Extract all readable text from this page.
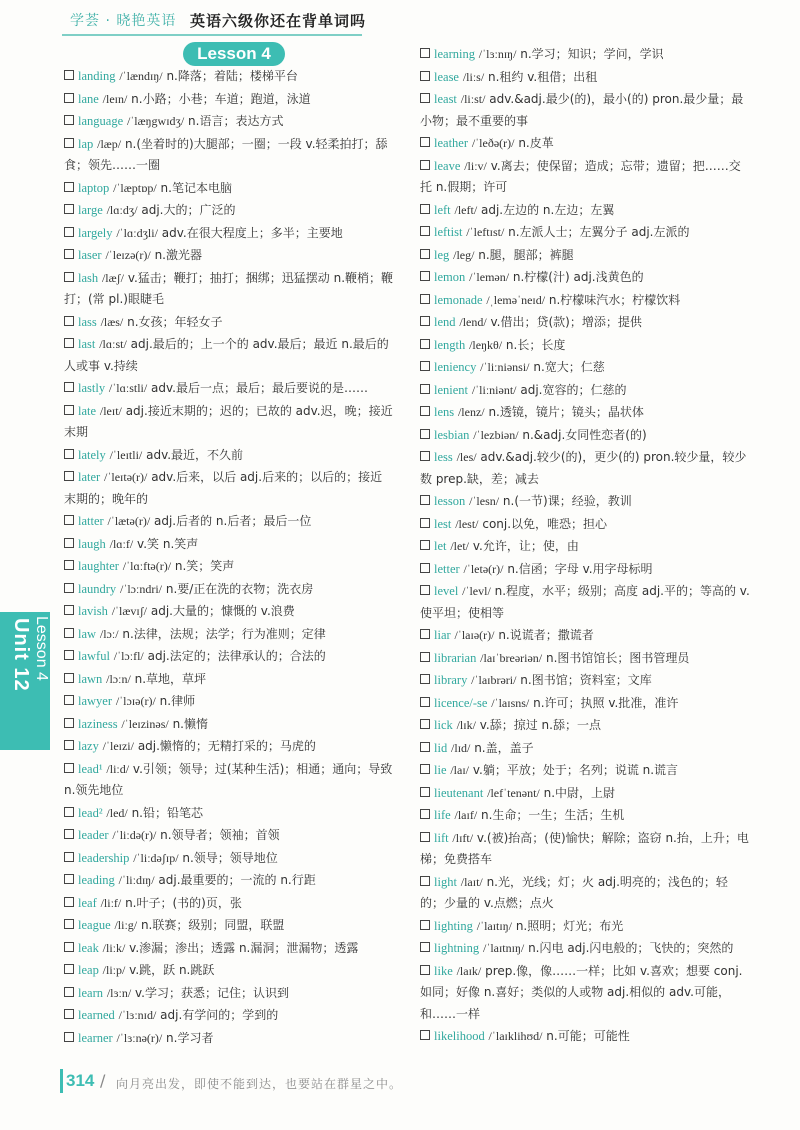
学荟 · 晓艳英语 英语六级你还在背单词吗
Lesson 4
landing /ˈlændɪŋ/ n.降落；着陆；楼梯平台
lane /leɪn/ n.小路；小巷；车道；跑道，泳道
language /ˈlæŋgwɪdʒ/ n.语言；表达方式
lap /læp/ n.(坐着时的)大腿部；一圈；一段 v.轻柔拍打；舔食；领先……一圈
laptop /ˈlæptɒp/ n.笔记本电脑
large /lɑːdʒ/ adj.大的；广泛的
largely /ˈlɑːdʒli/ adv.在很大程度上；多半；主要地
laser /ˈleɪzə(r)/ n.激光器
lash /læʃ/ v.猛击；鞭打；抽打；捆绑；迅猛摆动 n.鞭梢；鞭打；(常 pl.)眼睫毛
lass /læs/ n.女孩；年轻女子
last /lɑːst/ adj.最后的；上一个的 adv.最后；最近 n.最后的人或事 v.持续
lastly /ˈlɑːstli/ adv.最后一点；最后；最后要说的是……
late /leɪt/ adj.接近末期的；迟的；已故的 adv.迟，晚；接近末期
lately /ˈleɪtli/ adv.最近，不久前
later /ˈleɪtə(r)/ adv.后来，以后 adj.后来的；以后的；接近末期的；晚年的
latter /ˈlætə(r)/ adj.后者的 n.后者；最后一位
laugh /lɑːf/ v.笑 n.笑声
laughter /ˈlɑːftə(r)/ n.笑；笑声
laundry /ˈlɔːndri/ n.要/正在洗的衣物；洗衣房
lavish /ˈlævɪʃ/ adj.大量的；慷慨的 v.浪费
law /lɔː/ n.法律，法规；法学；行为准则；定律
lawful /ˈlɔːfl/ adj.法定的；法律承认的；合法的
lawn /lɔːn/ n.草地，草坪
lawyer /ˈlɔɪə(r)/ n.律师
laziness /ˈleɪzinəs/ n.懒惰
lazy /ˈleɪzi/ adj.懒惰的；无精打采的；马虎的
lead¹ /liːd/ v.引领；领导；过(某种生活)；相通；通向；导致 n.领先地位
lead² /led/ n.铅；铅笔芯
leader /ˈliːdə(r)/ n.领导者；领袖；首领
leadership /ˈliːdəʃɪp/ n.领导；领导地位
leading /ˈliːdɪŋ/ adj.最重要的；一流的 n.行距
leaf /liːf/ n.叶子；(书的)页，张
league /liːg/ n.联赛；级别；同盟，联盟
leak /liːk/ v.渗漏；渗出；透露 n.漏洞；泄漏物；透露
leap /liːp/ v.跳，跃 n.跳跃
learn /lɜːn/ v.学习；获悉；记住；认识到
learned /ˈlɜːnɪd/ adj.有学问的；学到的
learner /ˈlɜːnə(r)/ n.学习者
learning /ˈlɜːnɪŋ/ n.学习；知识；学问，学识
lease /liːs/ n.租约 v.租借；出租
least /liːst/ adv.&adj.最少(的)，最小(的) pron.最少量；最小物；最不重要的事
leather /ˈleðə(r)/ n.皮革
leave /liːv/ v.离去；使保留；造成；忘带；遗留；把……交托 n.假期；许可
left /left/ adj.左边的 n.左边；左翼
leftist /ˈleftɪst/ n.左派人士；左翼分子 adj.左派的
leg /leg/ n.腿，腿部；裤腿
lemon /ˈlemən/ n.柠檬(汁) adj.浅黄色的
lemonade /ˌleməˈneɪd/ n.柠檬味汽水；柠檬饮料
lend /lend/ v.借出；贷(款)；增添；提供
length /leŋkθ/ n.长；长度
leniency /ˈliːniənsi/ n.宽大；仁慈
lenient /ˈliːniənt/ adj.宽容的；仁慈的
lens /lenz/ n.透镜，镜片；镜头；晶状体
lesbian /ˈlezbiən/ n.&adj.女同性恋者(的)
less /les/ adv.&adj.较少(的)，更少(的) pron.较少量，较少数 prep.缺，差；减去
lesson /ˈlesn/ n.(一节)课；经验，教训
lest /lest/ conj.以免，唯恐；担心
let /let/ v.允许，让；使，由
letter /ˈletə(r)/ n.信函；字母 v.用字母标明
level /ˈlevl/ n.程度，水平；级别；高度 adj.平的；等高的 v.使平坦；使相等
liar /ˈlaɪə(r)/ n.说谎者；撒谎者
librarian /laɪˈbreəriən/ n.图书馆馆长；图书管理员
library /ˈlaɪbrəri/ n.图书馆；资料室；文库
licence/-se /ˈlaɪsns/ n.许可；执照 v.批准，准许
lick /lɪk/ v.舔；掠过 n.舔；一点
lid /lɪd/ n.盖，盖子
lie /laɪ/ v.躺；平放；处于；名列；说谎 n.谎言
lieutenant /lefˈtenənt/ n.中尉，上尉
life /laɪf/ n.生命；一生；生活；生机
lift /lɪft/ v.(被)抬高；(使)愉快；解除；盗窃 n.抬，上升；电梯；免费搭车
light /laɪt/ n.光，光线；灯；火 adj.明亮的；浅色的；轻的；少量的 v.点燃；点火
lighting /ˈlaɪtɪŋ/ n.照明；灯光；布光
lightning /ˈlaɪtnɪŋ/ n.闪电 adj.闪电般的；飞快的；突然的
like /laɪk/ prep.像，像……一样；比如 v.喜欢；想要 conj.如同；好像 n.喜好；类似的人或物 adj.相似的 adv.可能，和……一样
likelihood /ˈlaɪklihʊd/ n.可能；可能性
Unit 12 Lesson 4
314 / 向月亮出发，即使不能到达，也要站在群星之中。
